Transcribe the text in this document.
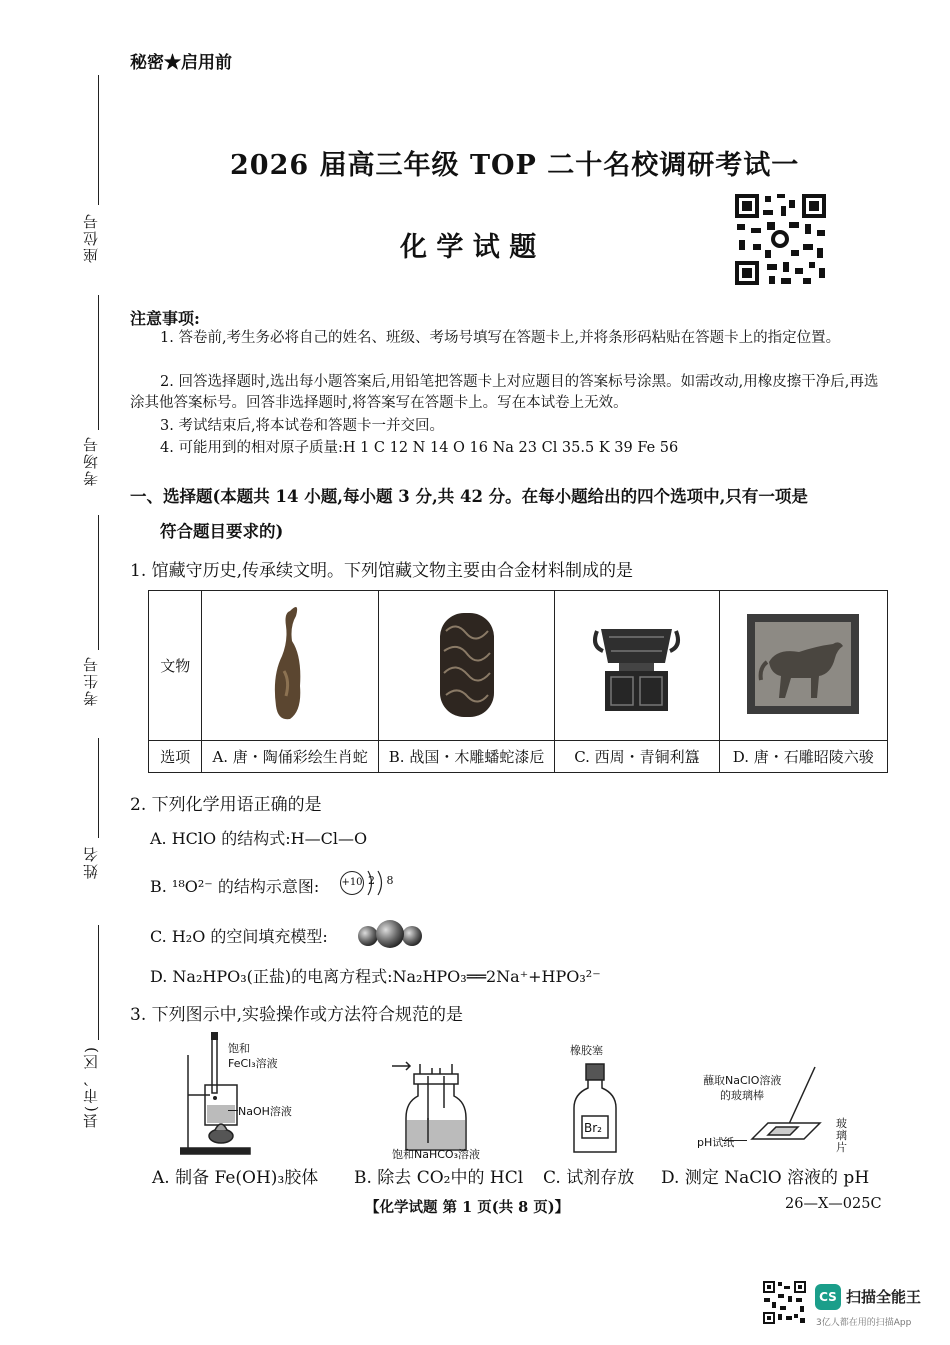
秘密★启用前
2026 届高三年级 TOP 二十名校调研考试一
化 学 试 题
座位号
考场号
考生号
姓名
县(市、区)
注意事项:
1. 答卷前,考生务必将自己的姓名、班级、考场号填写在答题卡上,并将条形码粘贴在答题卡上的指定位置。
2. 回答选择题时,选出每小题答案后,用铅笔把答题卡上对应题目的答案标号涂黑。如需改动,用橡皮擦干净后,再选涂其他答案标号。回答非选择题时,将答案写在答题卡上。写在本试卷上无效。
3. 考试结束后,将本试卷和答题卡一并交回。
4. 可能用到的相对原子质量:H 1 C 12 N 14 O 16 Na 23 Cl 35.5 K 39 Fe 56
一、选择题(本题共 14 小题,每小题 3 分,共 42 分。在每小题给出的四个选项中,只有一项是
符合题目要求的)
1. 馆藏守历史,传承续文明。下列馆藏文物主要由合金材料制成的是
文物				
选项	A. 唐・陶俑彩绘生肖蛇	B. 战国・木雕蟠蛇漆卮	C. 西周・青铜利簋	D. 唐・石雕昭陵六骏
2. 下列化学用语正确的是
A. HClO 的结构式:H—Cl—O
B. ¹⁸O²⁻ 的结构示意图: +10 2 8
C. H₂O 的空间填充模型:
D. Na₂HPO₃(正盐)的电离方程式:Na₂HPO₃══2Na⁺+HPO₃²⁻
3. 下列图示中,实验操作或方法符合规范的是
饱和
FeCl₃溶液
NaOH溶液
饱和NaHCO₃溶液
橡胶塞
Br₂
蘸取NaClO溶液
的玻璃棒
pH试纸
玻璃片
A. 制备 Fe(OH)₃胶体 B. 除去 CO₂中的 HCl C. 试剂存放 D. 测定 NaClO 溶液的 pH
【化学试题 第 1 页(共 8 页)】	26—X—025C
CS 扫描全能王
3亿人都在用的扫描App
